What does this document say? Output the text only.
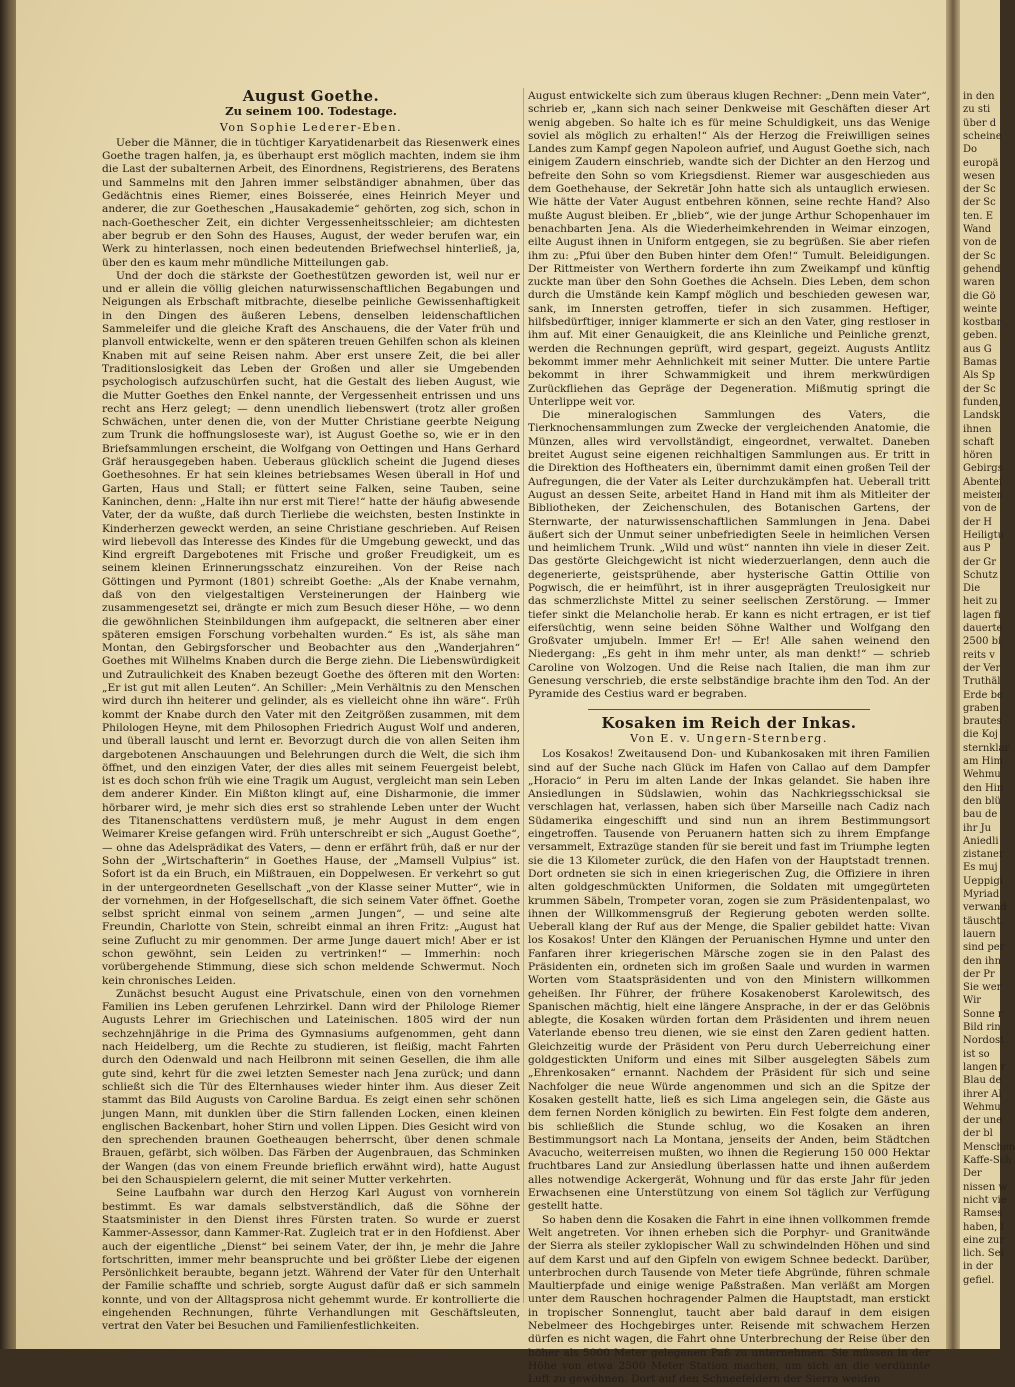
August Goethe.
Zu seinem 100. Todestage.
Von Sophie Lederer-Eben.

Ueber die Männer, die in tüchtiger Karyatidenarbeit das Riesenwerk eines Goethe tragen halfen, ja, es überhaupt erst möglich machten, indem sie ihm die Last der subalternen Arbeit, des Einordnens, Registrierens, des Beratens und Sammelns mit den Jahren immer selbständiger abnahmen, über das Gedächtnis eines Riemer, eines Boisserée, eines Heinrich Meyer und anderer, die zur Goetheschen „Hausakademie“ gehörten, zog sich, schon in nach-Goethescher Zeit, ein dichter Vergessenheitsschleier; am dichtesten aber begrub er den Sohn des Hauses, August, der weder berufen war, ein Werk zu hinterlassen, noch einen bedeutenden Briefwechsel hinterließ, ja, über den es kaum mehr mündliche Mitteilungen gab.

Und der doch die stärkste der Goethestützen geworden ist, weil nur er und er allein die völlig gleichen naturwissenschaftlichen Begabungen und Neigungen als Erbschaft mitbrachte, dieselbe peinliche Gewissenhaftigkeit in den Dingen des äußeren Lebens, denselben leidenschaftlichen Sammeleifer und die gleiche Kraft des Anschauens, die der Vater früh und planvoll entwickelte, wenn er den späteren treuen Gehilfen schon als kleinen Knaben mit auf seine Reisen nahm. Aber erst unsere Zeit, die bei aller Traditionslosigkeit das Leben der Großen und aller sie Umgebenden psychologisch aufzuschürfen sucht, hat die Gestalt des lieben August, wie die Mutter Goethes den Enkel nannte, der Vergessenheit entrissen und uns recht ans Herz gelegt; — denn unendlich liebenswert (trotz aller großen Schwächen, unter denen die, von der Mutter Christiane geerbte Neigung zum Trunk die hoffnungsloseste war), ist August Goethe so, wie er in den Briefsammlungen erscheint, die Wolfgang von Oettingen und Hans Gerhard Gräf herausgegeben haben. Ueberaus glücklich scheint die Jugend dieses Goethesohnes. Er hat sein kleines betriebsames Wesen überall in Hof und Garten, Haus und Stall; er füttert seine Falken, seine Tauben, seine Kaninchen, denn: „Halte ihn nur erst mit Tiere!“ hatte der häufig abwesende Vater, der da wußte, daß durch Tierliebe die weichsten, besten Instinkte in Kinderherzen geweckt werden, an seine Christiane geschrieben. Auf Reisen wird liebevoll das Interesse des Kindes für die Umgebung geweckt, und das Kind ergreift Dargebotenes mit Frische und großer Freudigkeit, um es seinem kleinen Erinnerungsschatz einzureihen. Von der Reise nach Göttingen und Pyrmont (1801) schreibt Goethe: „Als der Knabe vernahm, daß von den vielgestaltigen Versteinerungen der Hainberg wie zusammengesetzt sei, drängte er mich zum Besuch dieser Höhe, — wo denn die gewöhnlichen Steinbildungen ihm aufgepackt, die seltneren aber einer späteren emsigen Forschung vorbehalten wurden.“ Es ist, als sähe man Montan, den Gebirgsforscher und Beobachter aus den „Wanderjahren“ Goethes mit Wilhelms Knaben durch die Berge ziehn. Die Liebenswürdigkeit und Zutraulichkeit des Knaben bezeugt Goethe des öfteren mit den Worten: „Er ist gut mit allen Leuten“. An Schiller: „Mein Verhältnis zu den Menschen wird durch ihn heiterer und gelinder, als es vielleicht ohne ihn wäre“. Früh kommt der Knabe durch den Vater mit den Zeitgrößen zusammen, mit dem Philologen Heyne, mit dem Philosophen Friedrich August Wolf und anderen, und überall lauscht und lernt er. Bevorzugt durch die von allen Seiten ihm dargebotenen Anschauungen und Belehrungen durch die Welt, die sich ihm öffnet, und den einzigen Vater, der dies alles mit seinem Feuergeist belebt, ist es doch schon früh wie eine Tragik um August, vergleicht man sein Leben dem anderer Kinder. Ein Mißton klingt auf, eine Disharmonie, die immer hörbarer wird, je mehr sich dies erst so strahlende Leben unter der Wucht des Titanenschattens verdüstern muß, je mehr August in dem engen Weimarer Kreise gefangen wird. Früh unterschreibt er sich „August Goethe“, — ohne das Adelsprädikat des Vaters, — denn er erfährt früh, daß er nur der Sohn der „Wirtschafterin“ in Goethes Hause, der „Mamsell Vulpius“ ist. Sofort ist da ein Bruch, ein Mißtrauen, ein Doppelwesen. Er verkehrt so gut in der untergeordneten Gesellschaft „von der Klasse seiner Mutter“, wie in der vornehmen, in der Hofgesellschaft, die sich seinem Vater öffnet. Goethe selbst spricht einmal von seinem „armen Jungen“, — und seine alte Freundin, Charlotte von Stein, schreibt einmal an ihren Fritz: „August hat seine Zuflucht zu mir genommen. Der arme Junge dauert mich! Aber er ist schon gewöhnt, sein Leiden zu vertrinken!“ — Immerhin: noch vorübergehende Stimmung, diese sich schon meldende Schwermut. Noch kein chronisches Leiden.

Zunächst besucht August eine Privatschule, einen von den vornehmen Familien ins Leben gerufenen Lehrzirkel. Dann wird der Philologe Riemer Augusts Lehrer im Griechischen und Lateinischen. 1805 wird der nun sechzehnjährige in die Prima des Gymnasiums aufgenommen, geht dann nach Heidelberg, um die Rechte zu studieren, ist fleißig, macht Fahrten durch den Odenwald und nach Heilbronn mit seinen Gesellen, die ihm alle gute sind, kehrt für die zwei letzten Semester nach Jena zurück; und dann schließt sich die Tür des Elternhauses wieder hinter ihm. Aus dieser Zeit stammt das Bild Augusts von Caroline Bardua. Es zeigt einen sehr schönen jungen Mann, mit dunklen über die Stirn fallenden Locken, einen kleinen englischen Backenbart, hoher Stirn und vollen Lippen. Dies Gesicht wird von den sprechenden braunen Goetheaugen beherrscht, über denen schmale Brauen, gefärbt, sich wölben. Das Färben der Augenbrauen, das Schminken der Wangen (das von einem Freunde brieflich erwähnt wird), hatte August bei den Schauspielern gelernt, die mit seiner Mutter verkehrten.

Seine Laufbahn war durch den Herzog Karl August von vornherein bestimmt. Es war damals selbstverständlich, daß die Söhne der Staatsminister in den Dienst ihres Fürsten traten. So wurde er zuerst Kammer-Assessor, dann Kammer-Rat. Zugleich trat er in den Hofdienst. Aber auch der eigentliche „Dienst“ bei seinem Vater, der ihn, je mehr die Jahre fortschritten, immer mehr beanspruchte und bei größter Liebe der eigenen Persönlichkeit beraubte, begann jetzt. Während der Vater für den Unterhalt der Familie schaffte und schrieb, sorgte August dafür daß er sich sammeln konnte, und von der Alltagsprosa nicht gehemmt wurde. Er kontrollierte die eingehenden Rechnungen, führte Verhandlungen mit Geschäftsleuten, vertrat den Vater bei Besuchen und Familienfestlichkeiten.

August entwickelte sich zum überaus klugen Rechner: „Denn mein Vater“, schrieb er, „kann sich nach seiner Denkweise mit Geschäften dieser Art wenig abgeben. So halte ich es für meine Schuldigkeit, uns das Wenige soviel als möglich zu erhalten!“ Als der Herzog die Freiwilligen seines Landes zum Kampf gegen Napoleon aufrief, und August Goethe sich, nach einigem Zaudern einschrieb, wandte sich der Dichter an den Herzog und befreite den Sohn so vom Kriegsdienst. Riemer war ausgeschieden aus dem Goethehause, der Sekretär John hatte sich als untauglich erwiesen. Wie hätte der Vater August entbehren können, seine rechte Hand? Also mußte August bleiben. Er „blieb“, wie der junge Arthur Schopenhauer im benachbarten Jena. Als die Wiederheimkehrenden in Weimar einzogen, eilte August ihnen in Uniform entgegen, sie zu begrüßen. Sie aber riefen ihm zu: „Pfui über den Buben hinter dem Ofen!“ Tumult. Beleidigungen. Der Rittmeister von Werthern forderte ihn zum Zweikampf und künftig zuckte man über den Sohn Goethes die Achseln. Dies Leben, dem schon durch die Umstände kein Kampf möglich und beschieden gewesen war, sank, im Innersten getroffen, tiefer in sich zusammen. Heftiger, hilfsbedürftiger, inniger klammerte er sich an den Vater, ging restloser in ihm auf. Mit einer Genauigkeit, die ans Kleinliche und Peinliche grenzt, werden die Rechnungen geprüft, wird gespart, gegeizt. Augusts Antlitz bekommt immer mehr Aehnlichkeit mit seiner Mutter. Die untere Partie bekommt in ihrer Schwammigkeit und ihrem merkwürdigen Zurückfliehen das Gepräge der Degeneration. Mißmutig springt die Unterlippe weit vor.

Die mineralogischen Sammlungen des Vaters, die Tierknochensammlungen zum Zwecke der vergleichenden Anatomie, die Münzen, alles wird vervollständigt, eingeordnet, verwaltet. Daneben breitet August seine eigenen reichhaltigen Sammlungen aus. Er tritt in die Direktion des Hoftheaters ein, übernimmt damit einen großen Teil der Aufregungen, die der Vater als Leiter durchzukämpfen hat. Ueberall tritt August an dessen Seite, arbeitet Hand in Hand mit ihm als Mitleiter der Bibliotheken, der Zeichenschulen, des Botanischen Gartens, der Sternwarte, der naturwissenschaftlichen Sammlungen in Jena. Dabei äußert sich der Unmut seiner unbefriedigten Seele in heimlichen Versen und heimlichem Trunk. „Wild und wüst“ nannten ihn viele in dieser Zeit. Das gestörte Gleichgewicht ist nicht wiederzuerlangen, denn auch die degenerierte, geistsprühende, aber hysterische Gattin Ottilie von Pogwisch, die er heimführt, ist in ihrer ausgeprägten Treulosigkeit nur das schmerzlichste Mittel zu seiner seelischen Zerstörung. — Immer tiefer sinkt die Melancholie herab. Er kann es nicht ertragen, er ist tief eifersüchtig, wenn seine beiden Söhne Walther und Wolfgang den Großvater umjubeln. Immer Er! — Er! Alle sahen weinend den Niedergang: „Es geht in ihm mehr unter, als man denkt!“ — schrieb Caroline von Wolzogen. Und die Reise nach Italien, die man ihm zur Genesung verschrieb, die erste selbständige brachte ihm den Tod. An der Pyramide des Cestius ward er begraben.

Kosaken im Reich der Inkas.
Von E. v. Ungern-Sternberg.

Los Kosakos! Zweitausend Don- und Kubankosaken mit ihren Familien sind auf der Suche nach Glück im Hafen von Callao auf dem Dampfer „Horacio“ in Peru im alten Lande der Inkas gelandet. Sie haben ihre Ansiedlungen in Südslawien, wohin das Nachkriegsschicksal sie verschlagen hat, verlassen, haben sich über Marseille nach Cadiz nach Südamerika eingeschifft und sind nun an ihrem Bestimmungsort eingetroffen. Tausende von Peruanern hatten sich zu ihrem Empfange versammelt, Extrazüge standen für sie bereit und fast im Triumphe legten sie die 13 Kilometer zurück, die den Hafen von der Hauptstadt trennen. Dort ordneten sie sich in einen kriegerischen Zug, die Offiziere in ihren alten goldgeschmückten Uniformen, die Soldaten mit umgegürteten krummen Säbeln, Trompeter voran, zogen sie zum Präsidentenpalast, wo ihnen der Willkommensgruß der Regierung geboten werden sollte. Ueberall klang der Ruf aus der Menge, die Spalier gebildet hatte: Vivan los Kosakos! Unter den Klängen der Peruanischen Hymne und unter den Fanfaren ihrer kriegerischen Märsche zogen sie in den Palast des Präsidenten ein, ordneten sich im großen Saale und wurden in warmen Worten vom Staatspräsidenten und von den Ministern willkommen geheißen. Ihr Führer, der frühere Kosakenoberst Karolewitsch, des Spanischen mächtig, hielt eine längere Ansprache, in der er das Gelöbnis ablegte, die Kosaken würden fortan dem Präsidenten und ihrem neuen Vaterlande ebenso treu dienen, wie sie einst den Zaren gedient hatten. Gleichzeitig wurde der Präsident von Peru durch Ueberreichung einer goldgestickten Uniform und eines mit Silber ausgelegten Säbels zum „Ehrenkosaken“ ernannt. Nachdem der Präsident für sich und seine Nachfolger die neue Würde angenommen und sich an die Spitze der Kosaken gestellt hatte, ließ es sich Lima angelegen sein, die Gäste aus dem fernen Norden königlich zu bewirten. Ein Fest folgte dem anderen, bis schließlich die Stunde schlug, wo die Kosaken an ihren Bestimmungsort nach La Montana, jenseits der Anden, beim Städtchen Avacucho, weiterreisen mußten, wo ihnen die Regierung 150 000 Hektar fruchtbares Land zur Ansiedlung überlassen hatte und ihnen außerdem alles notwendige Ackergerät, Wohnung und für das erste Jahr für jeden Erwachsenen eine Unterstützung von einem Sol täglich zur Verfügung gestellt hatte.

So haben denn die Kosaken die Fahrt in eine ihnen vollkommen fremde Welt angetreten. Vor ihnen erheben sich die Porphyr- und Granitwände der Sierra als steiler zyklopischer Wall zu schwindelnden Höhen und sind auf dem Karst und auf den Gipfeln von ewigem Schnee bedeckt. Darüber, unterbrochen durch Tausende von Meter tiefe Abgründe, führen schmale Maultierpfade und einige wenige Paßstraßen. Man verläßt am Morgen unter dem Rauschen hochragender Palmen die Hauptstadt, man erstickt in tropischer Sonnenglut, taucht aber bald darauf in dem eisigen Nebelmeer des Hochgebirges unter. Reisende mit schwachem Herzen dürfen es nicht wagen, die Fahrt ohne Unterbrechung der Reise über den höher als 5000 Meter gelegenen Paß zu unternehmen. Sie müssen in der Höhe von etwa 2500 Meter Station machen, um sich an die verdünnte Luft zu gewöhnen. Dort auf den Schneefeldern der Sierra weiden

in den
zu sti
über d
scheine
Do
europä
wesen
der Sc
der Sc
ten. E
Wand
von de
der Sc
gehend
waren
die Gö
weinte
kostbar
geben.
aus G
Bamas
Als Sp
der Sc
funden,
Landsk
ihnen
schaft
hören
Gebirgs
Abentei
meisten
von de
der H
Heiligtu
aus P
der Gr
Schutz
Die
heit zu
lagen fi
dauerte
2500 bi
reits v
der Ver
Truthäl
Erde be
graben
brautes
die Koj
sternklar
am Him
Wehmu
den Hin
den blü
bau de
ihr Ju
Aniedli
zistaner
Es muj
Ueppigl
Myriad
verwand
täuscht.
lauern
sind per
den ihn
der Pr
Sie wer
Wir
Sonne r
Bild rin
Nordost
ist so
langen r
Blau de
ihrer Al
Wehmu
der une
der bl
Menschen
Kaffe-Sch
Der
nissen w
nicht vie
Ramses
haben, l
eine zur
lich. Sei
in der
gefiel.
